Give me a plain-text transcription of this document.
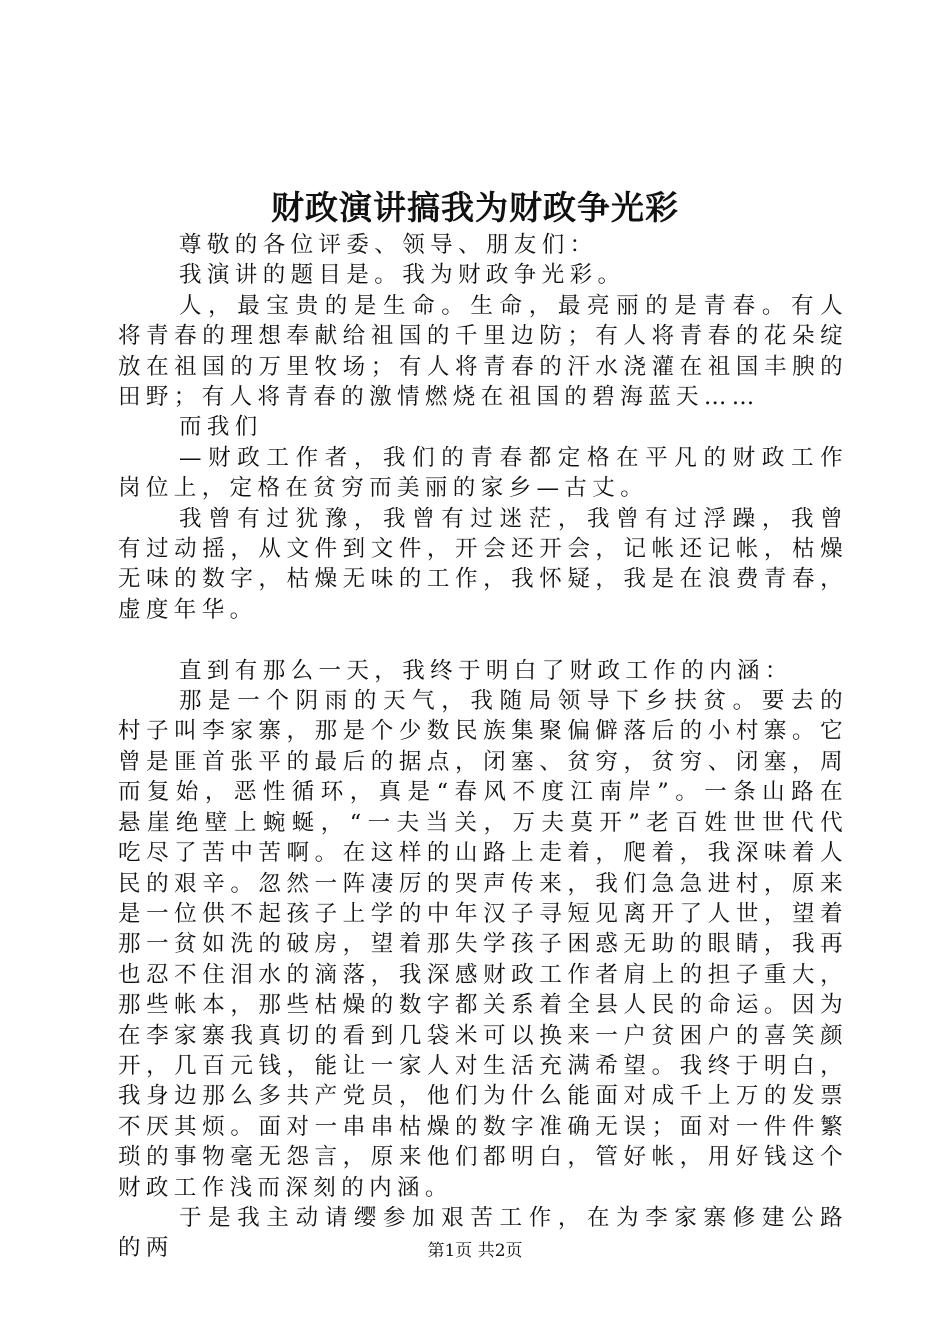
财政演讲搞我为财政争光彩

尊敬的各位评委、领导、朋友们：

我演讲的题目是。我为财政争光彩。

人，最宝贵的是生命。生命，最亮丽的是青春。有人将青春的理想奉献给祖国的千里边防；有人将青春的花朵绽放在祖国的万里牧场；有人将青春的汗水浇灌在祖国丰腴的田野；有人将青春的激情燃烧在祖国的碧海蓝天……

而我们

—财政工作者，我们的青春都定格在平凡的财政工作岗位上，定格在贫穷而美丽的家乡—古丈。

我曾有过犹豫，我曾有过迷茫，我曾有过浮躁，我曾有过动摇，从文件到文件，开会还开会，记帐还记帐，枯燥无味的数字，枯燥无味的工作，我怀疑，我是在浪费青春，虚度年华。

直到有那么一天，我终于明白了财政工作的内涵：

那是一个阴雨的天气，我随局领导下乡扶贫。要去的村子叫李家寨，那是个少数民族集聚偏僻落后的小村寨。它曾是匪首张平的最后的据点，闭塞、贫穷，贫穷、闭塞，周而复始，恶性循环，真是“春风不度江南岸”。一条山路在悬崖绝壁上蜿蜒，“一夫当关，万夫莫开”老百姓世世代代吃尽了苦中苦啊。在这样的山路上走着，爬着，我深味着人民的艰辛。忽然一阵凄厉的哭声传来，我们急急进村，原来是一位供不起孩子上学的中年汉子寻短见离开了人世，望着那一贫如洗的破房，望着那失学孩子困惑无助的眼睛，我再也忍不住泪水的滴落，我深感财政工作者肩上的担子重大，那些帐本，那些枯燥的数字都关系着全县人民的命运。因为在李家寨我真切的看到几袋米可以换来一户贫困户的喜笑颜开，几百元钱，能让一家人对生活充满希望。我终于明白，我身边那么多共产党员，他们为什么能面对成千上万的发票不厌其烦。面对一串串枯燥的数字准确无误；面对一件件繁琐的事物毫无怨言，原来他们都明白，管好帐，用好钱这个财政工作浅而深刻的内涵。

于是我主动请缨参加艰苦工作，在为李家寨修建公路的两	第1页 共2页
